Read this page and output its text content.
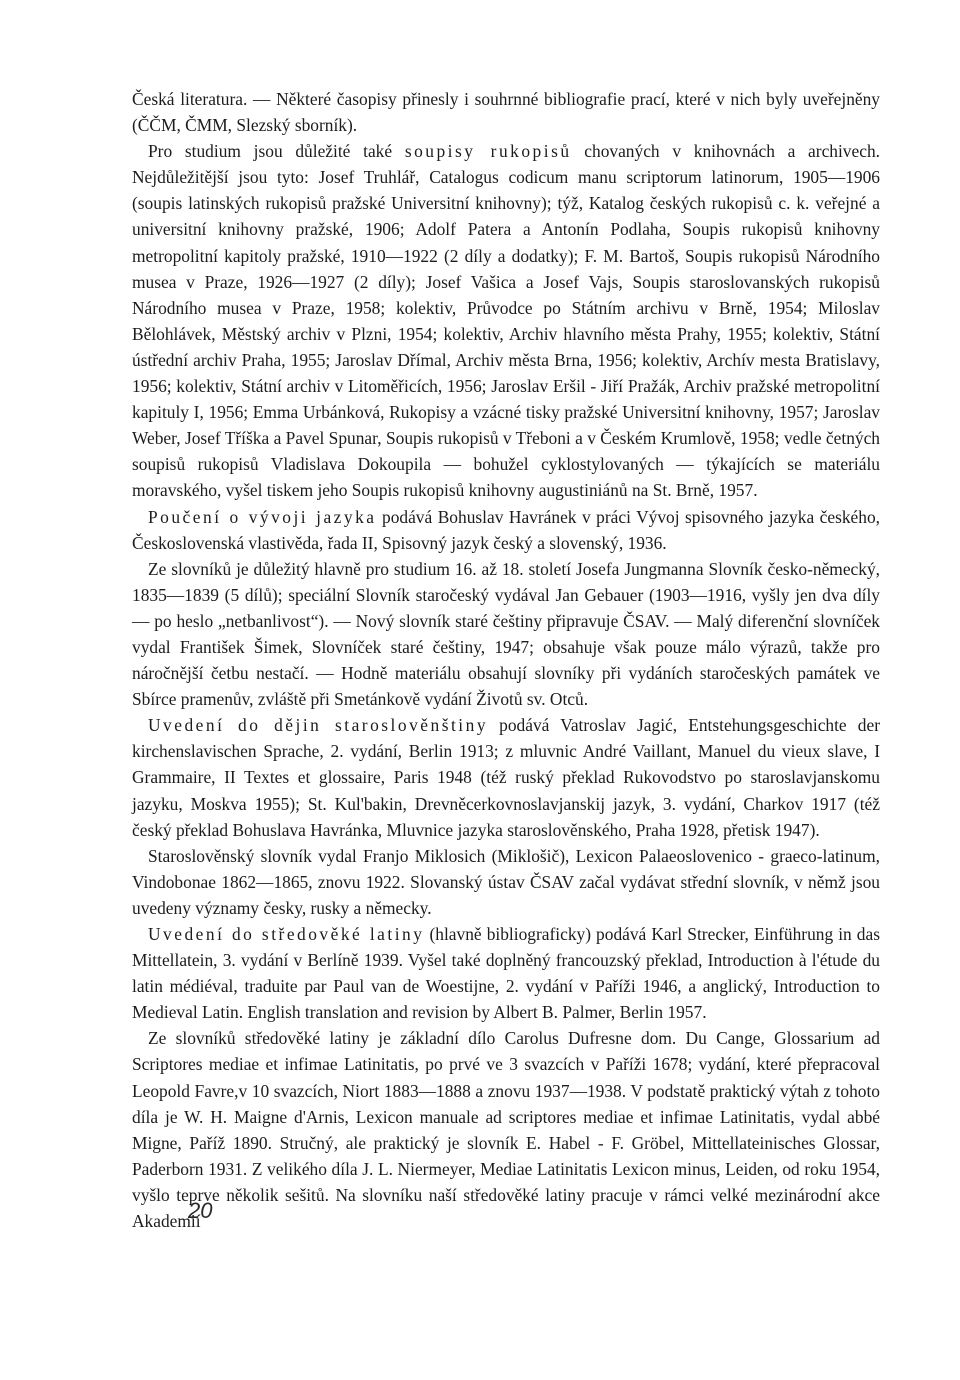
Česká literatura. — Některé časopisy přinesly i souhrnné bibliografie prací, které v nich byly uveřejněny (ČČM, ČMM, Slezský sborník).

Pro studium jsou důležité také soupisy rukopisů chovaných v knihovnách a archivech. Nejdůležitější jsou tyto: Josef Truhlář, Catalogus codicum manu scriptorum latinorum, 1905—1906 (soupis latinských rukopisů pražské Universitní knihovny); týž, Katalog českých rukopisů c. k. veřejné a universitní knihovny pražské, 1906; Adolf Patera a Antonín Podlaha, Soupis rukopisů knihovny metropolitní kapitoly pražské, 1910—1922 (2 díly a dodatky); F. M. Bartoš, Soupis rukopisů Národního musea v Praze, 1926—1927 (2 díly); Josef Vašica a Josef Vajs, Soupis staroslovanských rukopisů Národního musea v Praze, 1958; kolektiv, Průvodce po Státním archivu v Brně, 1954; Miloslav Bělohlávek, Městský archiv v Plzni, 1954; kolektiv, Archiv hlavního města Prahy, 1955; kolektiv, Státní ústřední archiv Praha, 1955; Jaroslav Dřímal, Archiv města Brna, 1956; kolektiv, Archív mesta Bratislavy, 1956; kolektiv, Státní archiv v Litoměřicích, 1956; Jaroslav Eršil - Jiří Pražák, Archiv pražské metropolitní kapituly I, 1956; Emma Urbánková, Rukopisy a vzácné tisky pražské Universitní knihovny, 1957; Jaroslav Weber, Josef Tříška a Pavel Spunar, Soupis rukopisů v Třeboni a v Českém Krumlově, 1958; vedle četných soupisů rukopisů Vladislava Dokoupila — bohužel cyklostylovaných — týkajících se materiálu moravského, vyšel tiskem jeho Soupis rukopisů knihovny augustiniánů na St. Brně, 1957.

Poučení o vývoji jazyka podává Bohuslav Havránek v práci Vývoj spisovného jazyka českého, Československá vlastivěda, řada II, Spisovný jazyk český a slovenský, 1936.

Ze slovníků je důležitý hlavně pro studium 16. až 18. století Josefa Jungmanna Slovník česko-německý, 1835—1839 (5 dílů); speciální Slovník staročeský vydával Jan Gebauer (1903—1916, vyšly jen dva díly — po heslo „netbanlivost“). — Nový slovník staré češtiny připravuje ČSAV. — Malý diferenční slovníček vydal František Šimek, Slovníček staré češtiny, 1947; obsahuje však pouze málo výrazů, takže pro náročnější četbu nestačí. — Hodně materiálu obsahují slovníky při vydáních staročeských památek ve Sbírce pramenův, zvláště při Smetánkově vydání Životů sv. Otců.

Uvedení do dějin staroslověnštiny podává Vatroslav Jagić, Entstehungsgeschichte der kirchenslavischen Sprache, 2. vydání, Berlin 1913; z mluvnic André Vaillant, Manuel du vieux slave, I Grammaire, II Textes et glossaire, Paris 1948 (též ruský překlad Rukovodstvo po staroslavjanskomu jazyku, Moskva 1955); St. Kul'bakin, Drevněcerkovnoslavjanskij jazyk, 3. vydání, Charkov 1917 (též český překlad Bohuslava Havránka, Mluvnice jazyka staroslověnského, Praha 1928, přetisk 1947).

Staroslověnský slovník vydal Franjo Miklosich (Miklošič), Lexicon Palaeoslovenico - graeco-latinum, Vindobonae 1862—1865, znovu 1922. Slovanský ústav ČSAV začal vydávat střední slovník, v němž jsou uvedeny významy česky, rusky a německy.

Uvedení do středověké latiny (hlavně bibliograficky) podává Karl Strecker, Einführung in das Mittellatein, 3. vydání v Berlíně 1939. Vyšel také doplněný francouzský překlad, Introduction à l'étude du latin médiéval, traduite par Paul van de Woestijne, 2. vydání v Paříži 1946, a anglický, Introduction to Medieval Latin. English translation and revision by Albert B. Palmer, Berlin 1957.

Ze slovníků středověké latiny je základní dílo Carolus Dufresne dom. Du Cange, Glossarium ad Scriptores mediae et infimae Latinitatis, po prvé ve 3 svazcích v Paříži 1678; vydání, které přepracoval Leopold Favre,v 10 svazcích, Niort 1883—1888 a znovu 1937—1938. V podstatě praktický výtah z tohoto díla je W. H. Maigne d'Arnis, Lexicon manuale ad scriptores mediae et infimae Latinitatis, vydal abbé Migne, Paříž 1890. Stručný, ale praktický je slovník E. Habel - F. Gröbel, Mittellateinisches Glossar, Paderborn 1931. Z velikého díla J. L. Niermeyer, Mediae Latinitatis Lexicon minus, Leiden, od roku 1954, vyšlo teprve několik sešitů. Na slovníku naší středověké latiny pracuje v rámci velké mezinárodní akce Akademií

20
